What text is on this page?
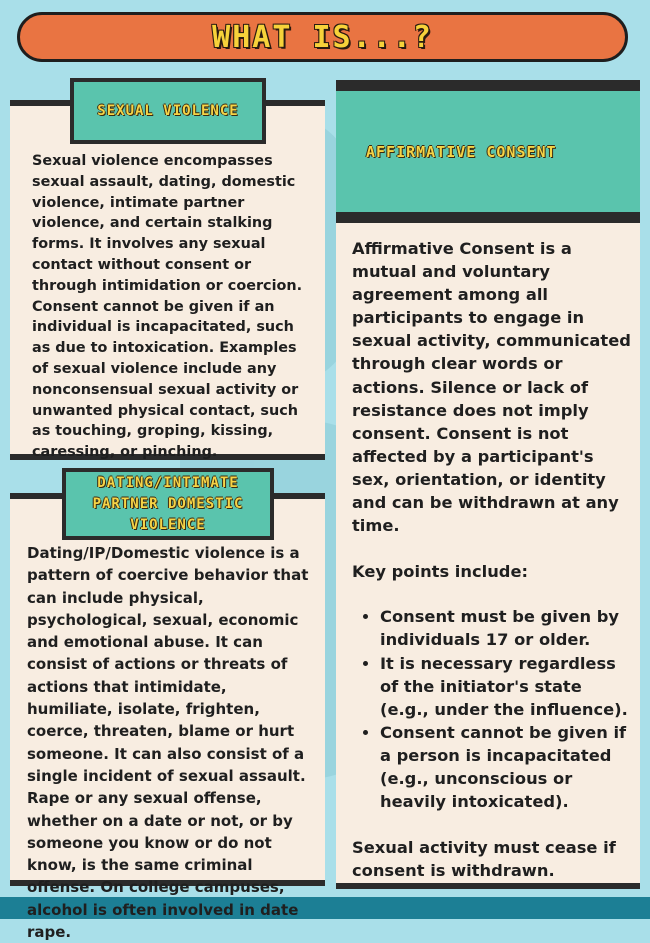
WHAT IS...?
SEXUAL VIOLENCE

Sexual violence encompasses sexual assault, dating, domestic violence, intimate partner violence, and certain stalking forms. It involves any sexual contact without consent or through intimidation or coercion. Consent cannot be given if an individual is incapacitated, such as due to intoxication. Examples of sexual violence include any nonconsensual sexual activity or unwanted physical contact, such as touching, groping, kissing, caressing, or pinching.

DATING/INTIMATE PARTNER DOMESTIC VIOLENCE

Dating/IP/Domestic violence is a pattern of coercive behavior that can include physical, psychological, sexual, economic and emotional abuse. It can consist of actions or threats of actions that intimidate, humiliate, isolate, frighten, coerce, threaten, blame or hurt someone. It can also consist of a single incident of sexual assault. Rape or any sexual offense, whether on a date or not, or by someone you know or do not know, is the same criminal offense. On college campuses, alcohol is often involved in date rape.

AFFIRMATIVE CONSENT

Affirmative Consent is a mutual and voluntary agreement among all participants to engage in sexual activity, communicated through clear words or actions. Silence or lack of resistance does not imply consent. Consent is not affected by a participant's sex, orientation, or identity and can be withdrawn at any time.

Key points include:

• Consent must be given by individuals 17 or older.
• It is necessary regardless of the initiator's state (e.g., under the influence).
• Consent cannot be given if a person is incapacitated (e.g., unconscious or heavily intoxicated).

Sexual activity must cease if consent is withdrawn.
